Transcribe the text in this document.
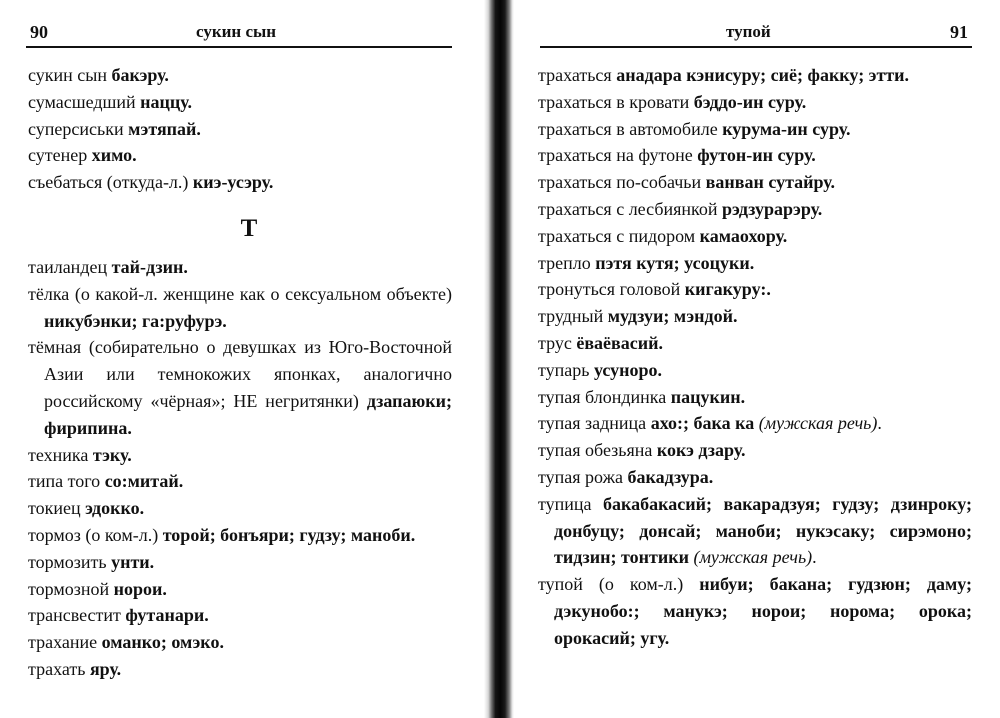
90	сукин сын
сукин сын бакэру.
сумасшедший наццу.
суперсиськи мэтяпай.
сутенер химо.
съебаться (откуда-л.) киэ-усэру.
Т
таиландец тай-дзин.
тёлка (о какой-л. женщине как о сексуальном объекте) никубэнки; га:руфурэ.
тёмная (собирательно о девушках из Юго-Восточной Азии или темнокожих японках, аналогично российскому «чёрная»; НЕ негритянки) дзапаюки; фирипина.
техника тэку.
типа того со:митай.
токиец эдокко.
тормоз (о ком-л.) торой; бонъяри; гудзу; маноби.
тормозить унти.
тормозной норои.
трансвестит футанари.
трахание оманко; омэко.
трахать яру.
тупой	91
трахаться анадара кэнисуру; сиё; факку; этти.
трахаться в кровати бэддо-ин суру.
трахаться в автомобиле курума-ин суру.
трахаться на футоне футон-ин суру.
трахаться по-собачьи ванван сутайру.
трахаться с лесбиянкой рэдзурарэру.
трахаться с пидором камаохору.
трепло пэтя кутя; усоцуки.
тронуться головой кигакуру:.
трудный мудзуи; мэндой.
трус ёваёвасий.
тупарь усуноро.
тупая блондинка пацукин.
тупая задница ахо:; бака ка (мужская речь).
тупая обезьяна кокэ дзару.
тупая рожа бакадзура.
тупица бакабакасий; вакарадзуя; гудзу; дзинроку; донбуцу; донсай; маноби; нукэсаку; сирэмоно; тидзин; тонтики (мужская речь).
тупой (о ком-л.) нибуи; бакана; гудзюн; даму; дэкунобо:; манукэ; норои; норома; орока; орокасий; угу.
